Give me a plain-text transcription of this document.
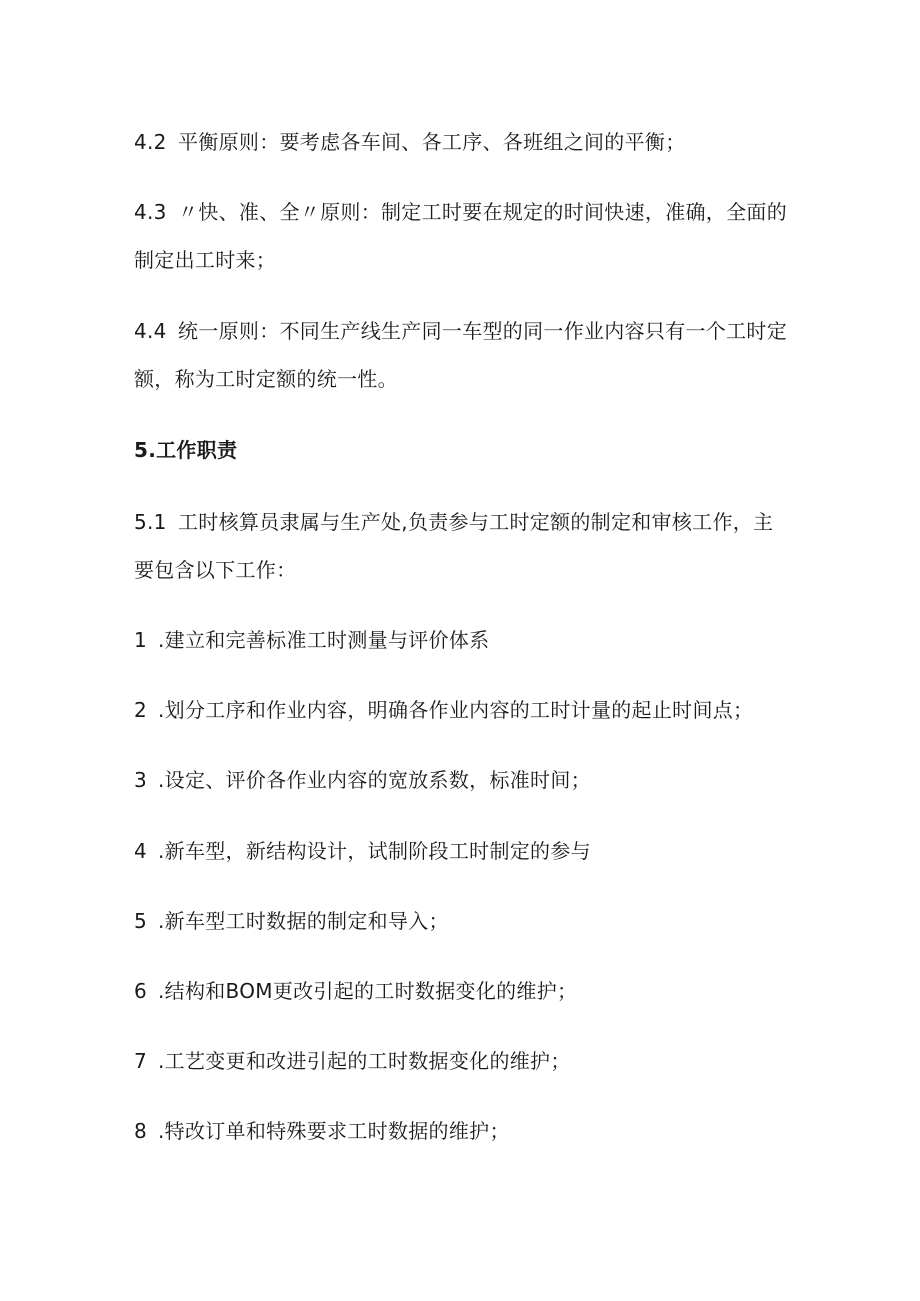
4.2 平衡原则：要考虑各车间、各工序、各班组之间的平衡；
4.3 〃快、准、全〃原则：制定工时要在规定的时间快速，准确，全面的
制定出工时来；
4.4 统一原则：不同生产线生产同一车型的同一作业内容只有一个工时定
额，称为工时定额的统一性。
5.工作职责
5.1 工时核算员隶属与生产处,负责参与工时定额的制定和审核工作，主
要包含以下工作：
1 .建立和完善标准工时测量与评价体系
2 .划分工序和作业内容，明确各作业内容的工时计量的起止时间点；
3 .设定、评价各作业内容的宽放系数，标准时间；
4 .新车型，新结构设计，试制阶段工时制定的参与
5 .新车型工时数据的制定和导入；
6 .结构和BOM更改引起的工时数据变化的维护；
7 .工艺变更和改进引起的工时数据变化的维护；
8 .特改订单和特殊要求工时数据的维护；
